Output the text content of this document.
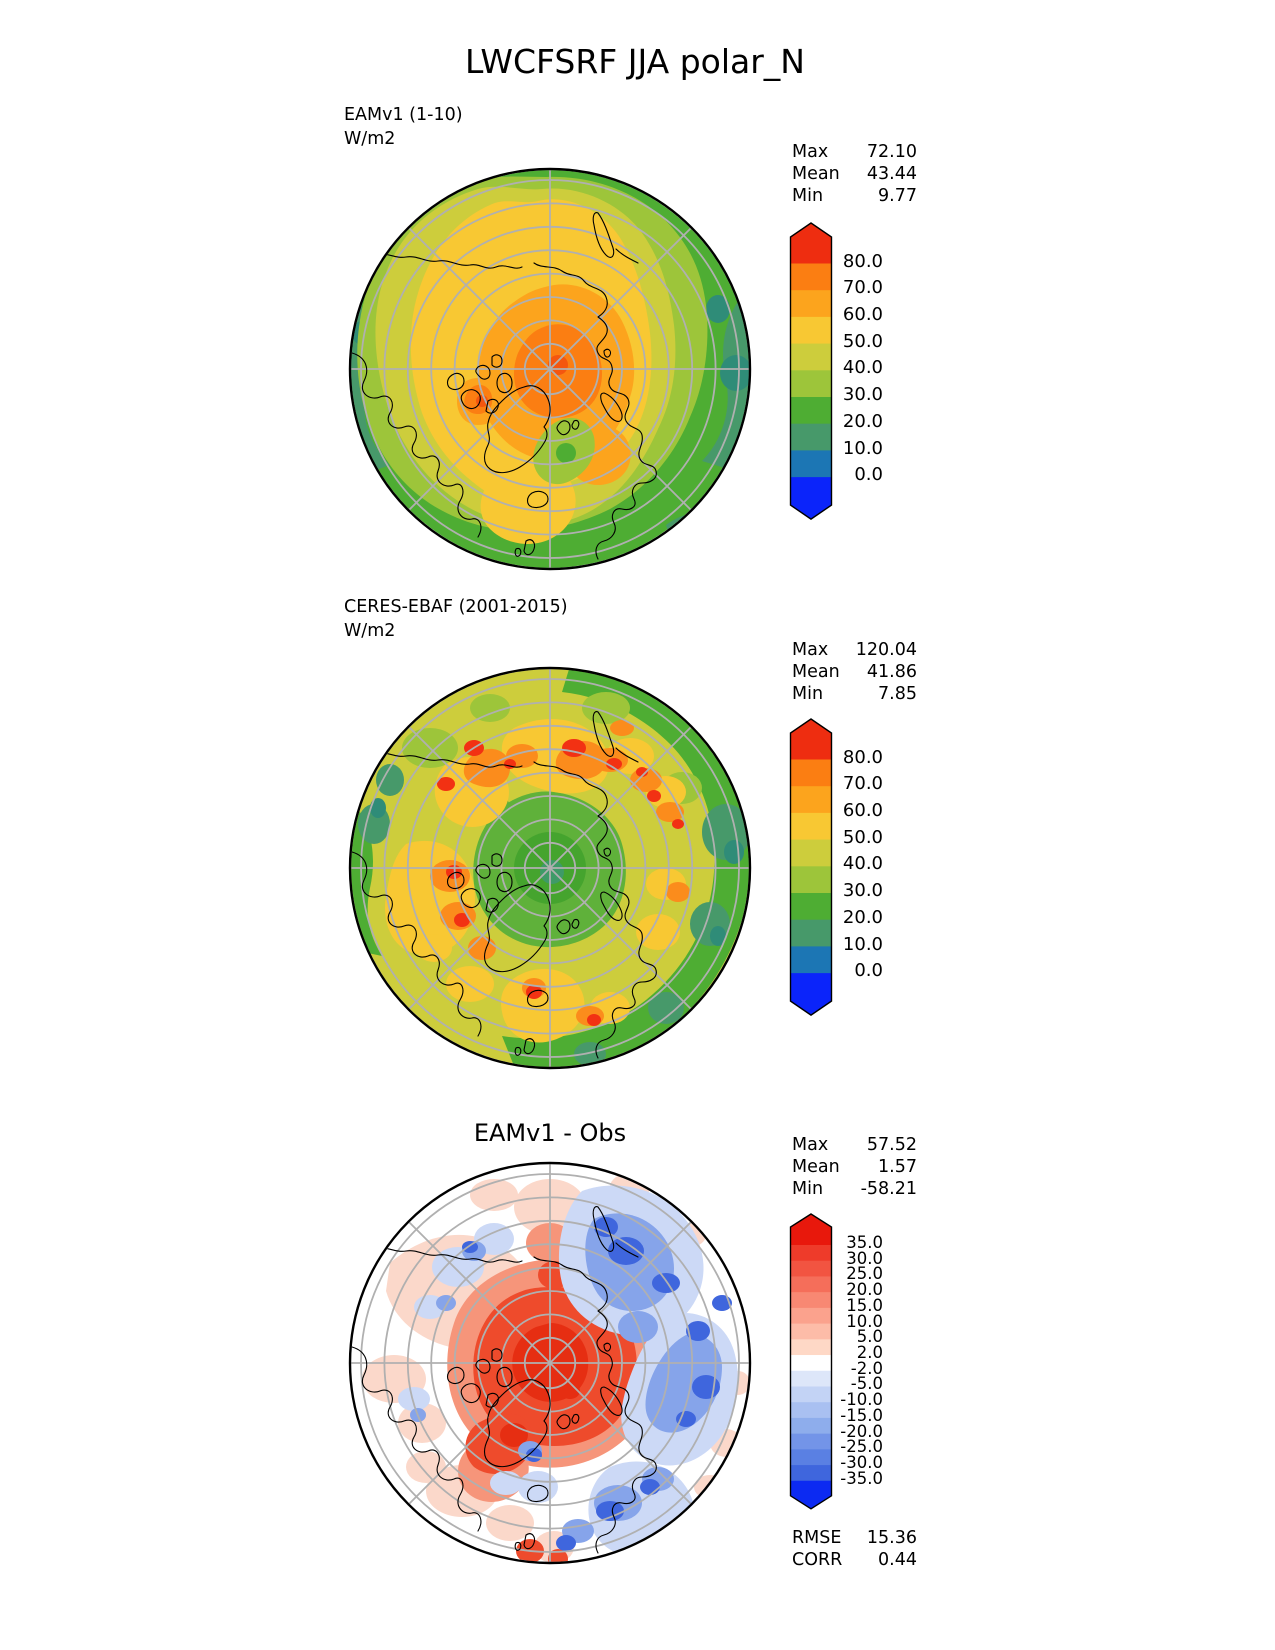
LWCFSRF JJA polar_N
EAMv1 (1-10)
W/m2
Max 72.10
Mean 43.44
Min	9.77
80.0
70.0
60.0
50.0
40.0
30.0
20.0
10.0
0.0
CERES-EBAF (2001-2015)
W/m2
Max 120.04
Mean 41.86
Min	7.85
80.0
70.0
60.0
50.0
40.0
30.0
20.0
10.0
0.0
EAMv1 - Obs	Max 57.52
Mean 1.57
Min -58.21
35.0
30.0
25.0
20.0
15.0
10.0
5.0
2.0
-2.0
-5.0
-10.0
-15.0
-20.0
-25.0
-30.0
-35.0
RMSE 15.36
CORR 0.44
